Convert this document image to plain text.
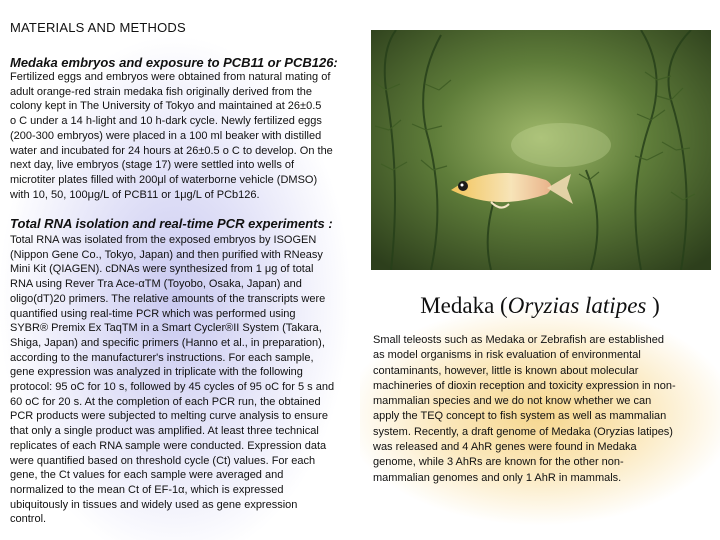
MATERIALS AND METHODS
Medaka embryos and exposure to PCB11 or PCB126:
Fertilized eggs and embryos were obtained from natural mating of
adult orange-red strain medaka fish originally derived from the
colony kept in The University of Tokyo and maintained at 26±0.5
o C under a 14 h-light and 10 h-dark cycle. Newly fertilized eggs
(200-300 embryos) were placed in a 100 ml beaker with distilled
water and incubated for 24 hours at 26±0.5 o C to develop. On the
next day, live embryos (stage 17) were settled into wells of
microtiter plates filled with 200μl of waterborne vehicle (DMSO)
with 10, 50, 100μg/L of PCB11 or 1μg/L of PCb126.
Total RNA isolation and real-time PCR experiments :
Total RNA was isolated from the exposed embryos by ISOGEN
(Nippon Gene Co., Tokyo, Japan) and then purified with RNeasy
Mini Kit (QIAGEN). cDNAs were synthesized from 1 μg of total
RNA using Rever Tra Ace-αTM (Toyobo, Osaka, Japan) and
oligo(dT)20 primers. The relative amounts of the transcripts were
quantified using real-time PCR which was performed using
SYBR® Premix Ex TaqTM in a Smart Cycler®II System (Takara,
Shiga, Japan) and specific primers (Hanno et al., in preparation),
according to the manufacturer's instructions. For each sample,
gene expression was analyzed in triplicate with the following
protocol: 95 oC for 10 s, followed by 45 cycles of 95 oC for 5 s and
60 oC for 20 s. At the completion of each PCR run, the obtained
PCR products were subjected to melting curve analysis to ensure
that only a single product was amplified. At least three technical
replicates of each RNA sample were conducted. Expression data
were quantified based on threshold cycle (Ct) values. For each
gene, the Ct values for each sample were averaged and
normalized to the mean Ct of EF-1α, which is expressed
ubiquitously in tissues and widely used as gene expression
control.
Medaka (Oryzias latipes )
Small teleosts such as Medaka or Zebrafish are established
as model organisms in risk evaluation of environmental
contaminants, however, little is known about molecular
machineries of dioxin reception and toxicity expression in non-
mammalian species and we do not know whether we can
apply the TEQ concept to fish system as well as mammalian
system. Recently, a draft genome of Medaka (Oryzias latipes)
was released and 4 AhR genes were found in Medaka
genome, while 3 AhRs are known for the other non-
mammalian genomes and only 1 AhR in mammals.
